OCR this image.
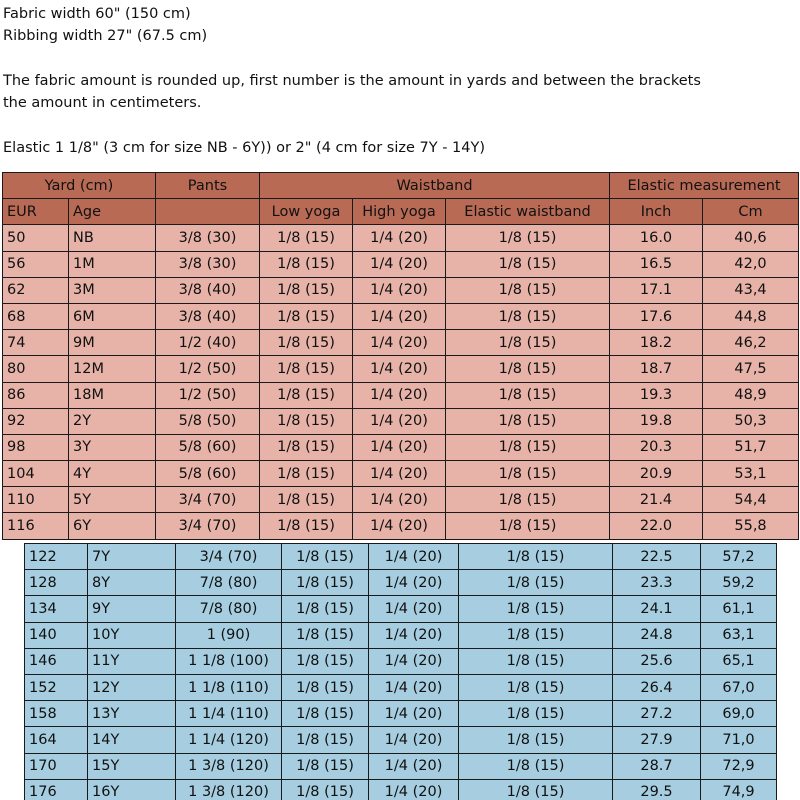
Fabric width 60" (150 cm)
Ribbing width 27" (67.5 cm)
The fabric amount is rounded up, first number is the amount in yards and between the brackets
the amount in centimeters.
Elastic 1 1/8" (3 cm for size NB - 6Y)) or 2" (4 cm for size 7Y - 14Y)
Yard (cm)		Pants	Waistband			Elastic measurement	
EUR	Age		Low yoga	High yoga	Elastic waistband	Inch	Cm
50	NB	3/8 (30)	1/8 (15)	1/4 (20)	1/8 (15)	16.0	40,6
56	1M	3/8 (30)	1/8 (15)	1/4 (20)	1/8 (15)	16.5	42,0
62	3M	3/8 (40)	1/8 (15)	1/4 (20)	1/8 (15)	17.1	43,4
68	6M	3/8 (40)	1/8 (15)	1/4 (20)	1/8 (15)	17.6	44,8
74	9M	1/2 (40)	1/8 (15)	1/4 (20)	1/8 (15)	18.2	46,2
80	12M	1/2 (50)	1/8 (15)	1/4 (20)	1/8 (15)	18.7	47,5
86	18M	1/2 (50)	1/8 (15)	1/4 (20)	1/8 (15)	19.3	48,9
92	2Y	5/8 (50)	1/8 (15)	1/4 (20)	1/8 (15)	19.8	50,3
98	3Y	5/8 (60)	1/8 (15)	1/4 (20)	1/8 (15)	20.3	51,7
104	4Y	5/8 (60)	1/8 (15)	1/4 (20)	1/8 (15)	20.9	53,1
110	5Y	3/4 (70)	1/8 (15)	1/4 (20)	1/8 (15)	21.4	54,4
116	6Y	3/4 (70)	1/8 (15)	1/4 (20)	1/8 (15)	22.0	55,8
122	7Y	3/4 (70)	1/8 (15)	1/4 (20)	1/8 (15)	22.5	57,2
128	8Y	7/8 (80)	1/8 (15)	1/4 (20)	1/8 (15)	23.3	59,2
134	9Y	7/8 (80)	1/8 (15)	1/4 (20)	1/8 (15)	24.1	61,1
140	10Y	1 (90)	1/8 (15)	1/4 (20)	1/8 (15)	24.8	63,1
146	11Y	1 1/8 (100)	1/8 (15)	1/4 (20)	1/8 (15)	25.6	65,1
152	12Y	1 1/8 (110)	1/8 (15)	1/4 (20)	1/8 (15)	26.4	67,0
158	13Y	1 1/4 (110)	1/8 (15)	1/4 (20)	1/8 (15)	27.2	69,0
164	14Y	1 1/4 (120)	1/8 (15)	1/4 (20)	1/8 (15)	27.9	71,0
170	15Y	1 3/8 (120)	1/8 (15)	1/4 (20)	1/8 (15)	28.7	72,9
176	16Y	1 3/8 (120)	1/8 (15)	1/4 (20)	1/8 (15)	29.5	74,9
